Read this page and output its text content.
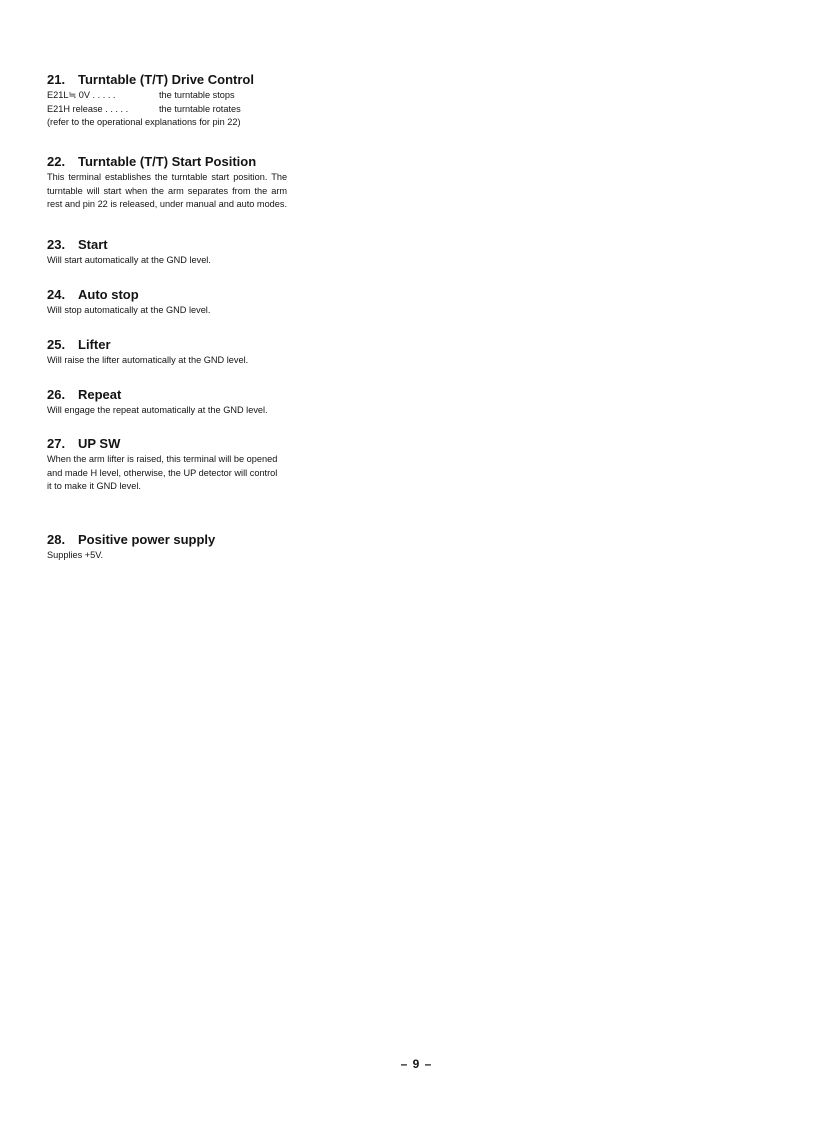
21. Turntable (T/T) Drive Control
E21L≒ 0V . . . . .	the turntable stops
E21H release . . . . .	the turntable rotates
(refer to the operational explanations for pin 22)
22. Turntable (T/T) Start Position
This terminal establishes the turntable start position. The
turntable will start when the arm separates from the arm
rest and pin 22 is released, under manual and auto modes.
23. Start
Will start automatically at the GND level.
24. Auto stop
Will stop automatically at the GND level.
25. Lifter
Will raise the lifter automatically at the GND level.
26. Repeat
Will engage the repeat automatically at the GND level.
27. UP SW
When the arm lifter is raised, this terminal will be opened
and made H level, otherwise, the UP detector will control
it to make it GND level.
28. Positive power supply
Supplies +5V.
– 9 –
